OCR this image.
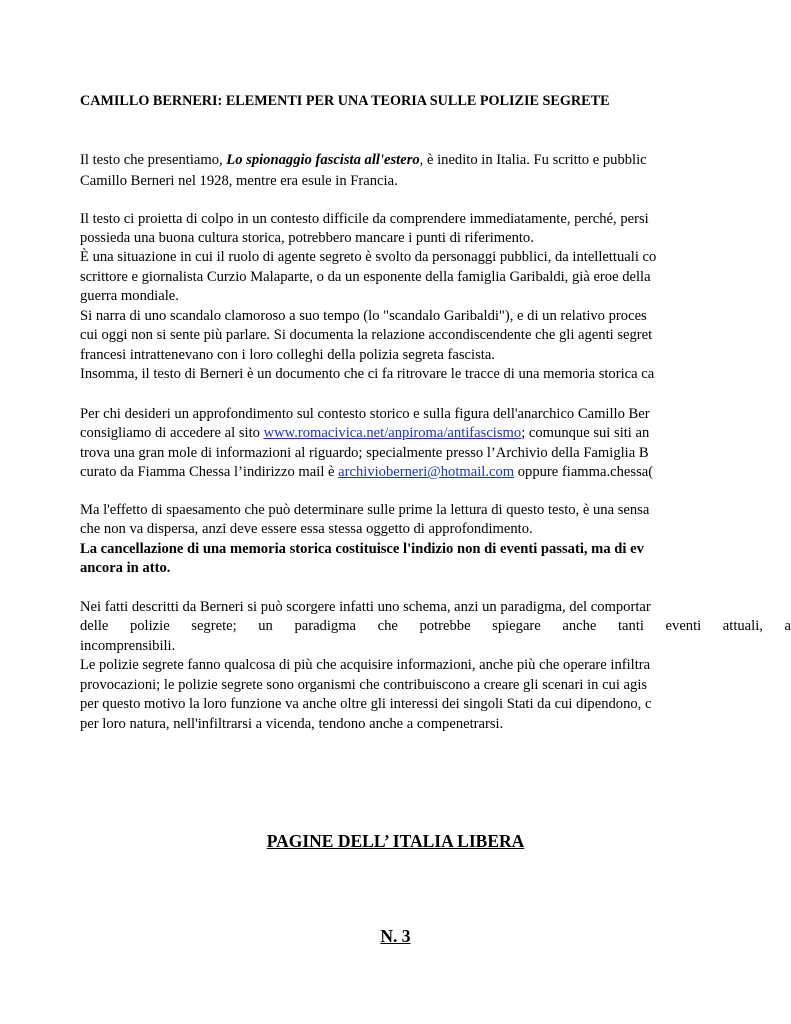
CAMILLO BERNERI: ELEMENTI PER UNA TEORIA SULLE POLIZIE SEGRETE

Il testo che presentiamo, Lo spionaggio fascista all'estero, è inedito in Italia. Fu scritto e pubblic

Camillo Berneri nel 1928, mentre era esule in Francia.

Il testo ci proietta di colpo in un contesto difficile da comprendere immediatamente, perché, persi

possieda una buona cultura storica, potrebbero mancare i punti di riferimento.

È una situazione in cui il ruolo di agente segreto è svolto da personaggi pubblici, da intellettuali co

scrittore e giornalista Curzio Malaparte, o da un esponente della famiglia Garibaldi, già eroe della

guerra mondiale.

Si narra di uno scandalo clamoroso a suo tempo (lo "scandalo Garibaldi"), e di un relativo proces

cui oggi non si sente più parlare. Si documenta la relazione accondiscendente che gli agenti segret

francesi intrattenevano con i loro colleghi della polizia segreta fascista.

Insomma, il testo di Berneri è un documento che ci fa ritrovare le tracce di una memoria storica ca

Per chi desideri un approfondimento sul contesto storico e sulla figura dell'anarchico Camillo Ber

consigliamo di accedere al sito www.romacivica.net/anpiroma/antifascismo; comunque sui siti an

trova una gran mole di informazioni al riguardo; specialmente presso l’Archivio della Famiglia B

curato da Fiamma Chessa l’indirizzo mail è archivioberneri@hotmail.com oppure fiamma.chessa(

Ma l'effetto di spaesamento che può determinare sulle prime la lettura di questo testo, è una sensa

che non va dispersa, anzi deve essere essa stessa oggetto di approfondimento.

La cancellazione di una memoria storica costituisce l'indizio non di eventi passati, ma di ev

ancora in atto.

Nei fatti descritti da Berneri si può scorgere infatti uno schema, anzi un paradigma, del comportar

delle polizie segrete; un paradigma che potrebbe spiegare anche tanti eventi attuali, a

incomprensibili.

Le polizie segrete fanno qualcosa di più che acquisire informazioni, anche più che operare infiltra

provocazioni; le polizie segrete sono organismi che contribuiscono a creare gli scenari in cui agis

per questo motivo la loro funzione va anche oltre gli interessi dei singoli Stati da cui dipendono, c

per loro natura, nell'infiltrarsi a vicenda, tendono anche a compenetrarsi.

PAGINE DELL’ ITALIA LIBERA
N. 3
